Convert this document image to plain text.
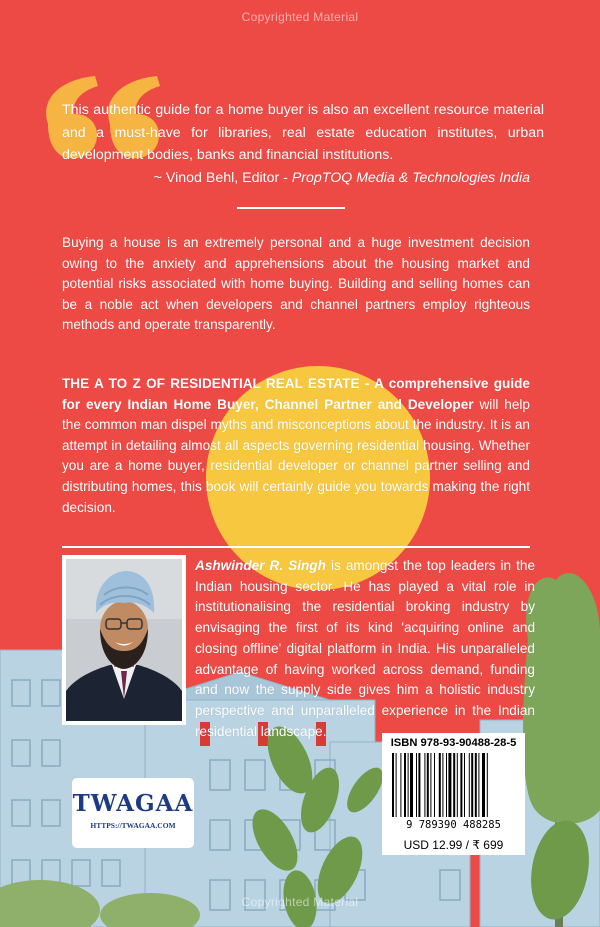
Copyrighted Material
Copyrighted Material
This authentic guide for a home buyer is also an excellent resource material and a must-have for libraries, real estate education institutes, urban development bodies, banks and financial institutions.
~ Vinod Behl, Editor - PropTOQ Media & Technologies India
Buying a house is an extremely personal and a huge investment decision owing to the anxiety and apprehensions about the housing market and potential risks associated with home buying. Building and selling homes can be a noble act when developers and channel partners employ righteous methods and operate transparently.
THE A TO Z OF RESIDENTIAL REAL ESTATE - A comprehensive guide for every Indian Home Buyer, Channel Partner and Developer will help the common man dispel myths and misconceptions about the industry. It is an attempt in detailing almost all aspects governing residential housing. Whether you are a home buyer, residential developer or channel partner selling and distributing homes, this book will certainly guide you towards making the right decision.
Ashwinder R. Singh is amongst the top leaders in the Indian housing sector. He has played a vital role in institutionalising the residential broking industry by envisaging the first of its kind 'acquiring online and closing offline' digital platform in India. His unparalleled advantage of having worked across demand, funding and now the supply side gives him a holistic industry perspective and unparalleled experience in the Indian residential landscape.
TWAGAA
HTTPS://TWAGAA.COM
ISBN 978-93-90488-28-5
9 789390 488285
USD 12.99 / ₹ 699
